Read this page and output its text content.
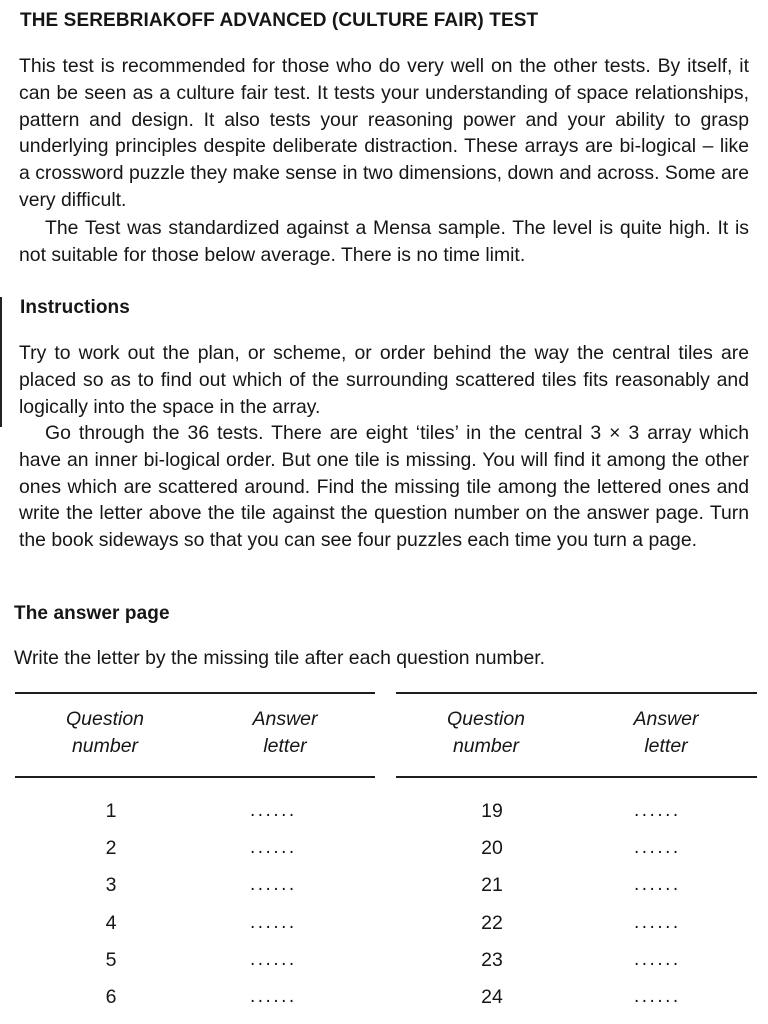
THE SEREBRIAKOFF ADVANCED (CULTURE FAIR) TEST

This test is recommended for those who do very well on the other tests. By itself, it can be seen as a culture fair test. It tests your understanding of space relationships, pattern and design. It also tests your reasoning power and your ability to grasp underlying principles despite deliberate distraction. These arrays are bi-logical – like a crossword puzzle they make sense in two dimensions, down and across. Some are very difficult.

The Test was standardized against a Mensa sample. The level is quite high. It is not suitable for those below average. There is no time limit.

Instructions

Try to work out the plan, or scheme, or order behind the way the central tiles are placed so as to find out which of the surrounding scattered tiles fits reasonably and logically into the space in the array.

Go through the 36 tests. There are eight ‘tiles’ in the central 3 × 3 array which have an inner bi-logical order. But one tile is missing. You will find it among the other ones which are scattered around. Find the missing tile among the lettered ones and write the letter above the tile against the question number on the answer page. Turn the book sideways so that you can see four puzzles each time you turn a page.

The answer page

Write the letter by the missing tile after each question number.

Question
number
Answer
letter
1	......
2	......
3	......
4	......
5	......
6	......
Question
number
Answer
letter
19	......
20	......
21	......
22	......
23	......
24	......
